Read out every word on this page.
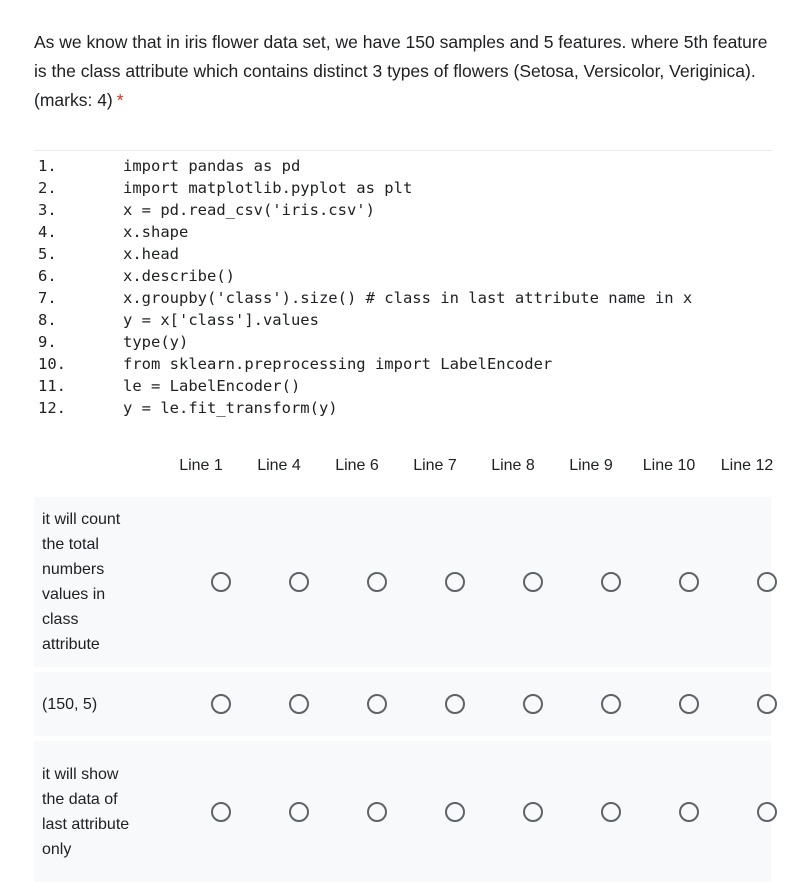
As we know that in iris flower data set, we have 150 samples and 5 features. where 5th feature is the class attribute which contains distinct 3 types of flowers (Setosa, Versicolor, Veriginica). (marks: 4) *
1.	import pandas as pd
2.	import matplotlib.pyplot as plt
3.	x = pd.read_csv('iris.csv')
4.	x.shape
5.	x.head
6.	x.describe()
7.	x.groupby('class').size() # class in last attribute name in x
8.	y = x['class'].values
9.	type(y)
10.	from sklearn.preprocessing import LabelEncoder
11.	le = LabelEncoder()
12.	y = le.fit_transform(y)
Line 1	Line 4	Line 6	Line 7	Line 8	Line 9	Line 10	Line 12
it will count the total numbers values in class attribute
(150, 5)
it will show the data of last attribute only
